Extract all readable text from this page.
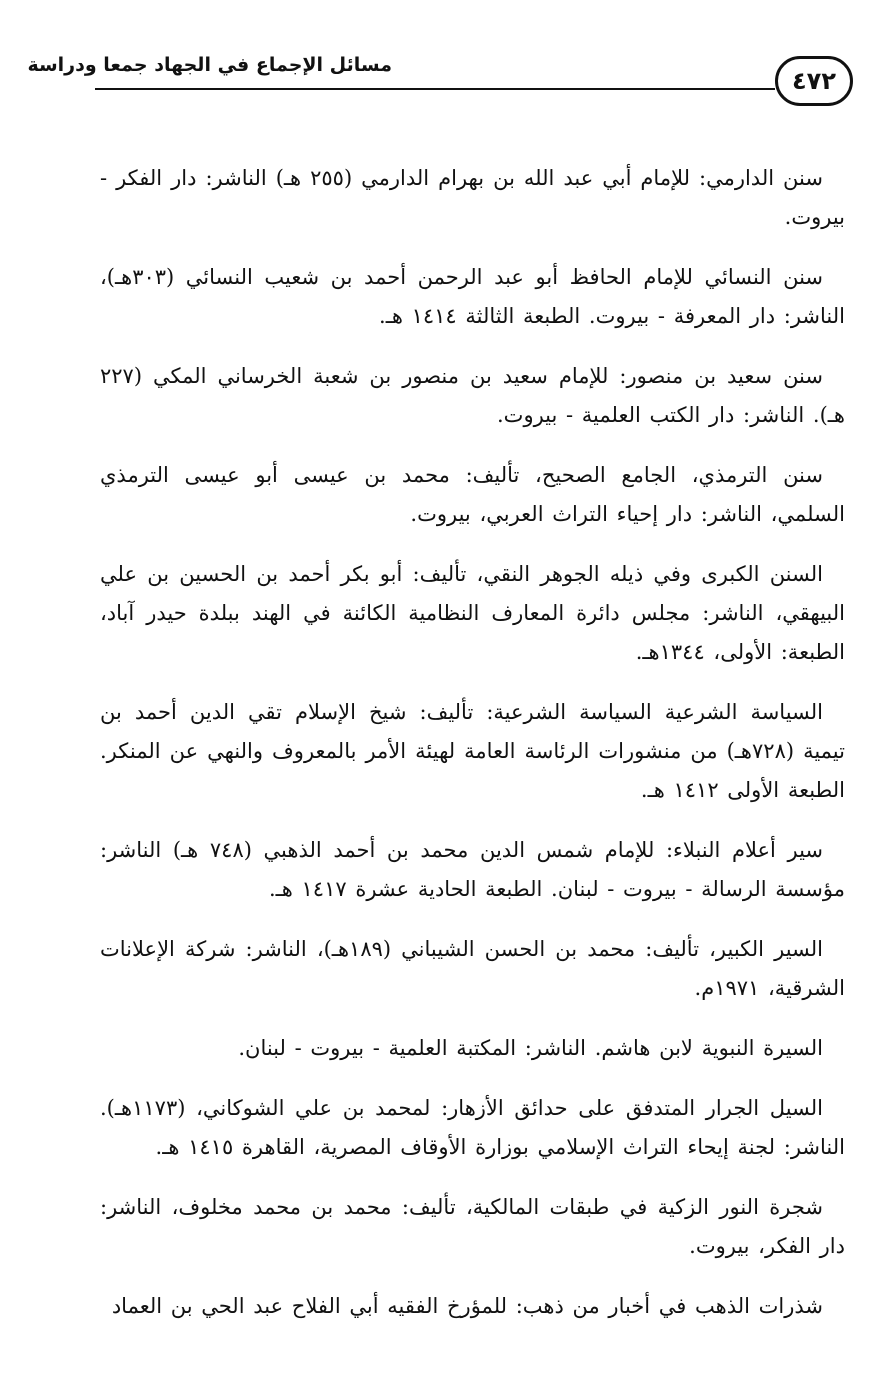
مسائل الإجماع في الجهاد جمعا ودراسة
٤٧٢

سنن الدارمي: للإمام أبي عبد الله بن بهرام الدارمي (٢٥٥ هـ) الناشر: دار الفكر - بيروت.

سنن النسائي للإمام الحافظ أبو عبد الرحمن أحمد بن شعيب النسائي (٣٠٣هـ)، الناشر: دار المعرفة - بيروت. الطبعة الثالثة ١٤١٤ هـ.

سنن سعيد بن منصور: للإمام سعيد بن منصور بن شعبة الخرساني المكي (٢٢٧ هـ). الناشر: دار الكتب العلمية - بيروت.

سنن الترمذي، الجامع الصحيح، تأليف: محمد بن عيسى أبو عيسى الترمذي السلمي، الناشر: دار إحياء التراث العربي، بيروت.

السنن الكبرى وفي ذيله الجوهر النقي، تأليف: أبو بكر أحمد بن الحسين بن علي البيهقي، الناشر: مجلس دائرة المعارف النظامية الكائنة في الهند ببلدة حيدر آباد، الطبعة: الأولى، ١٣٤٤هـ.

السياسة الشرعية السياسة الشرعية: تأليف: شيخ الإسلام تقي الدين أحمد بن تيمية (٧٢٨هـ) من منشورات الرئاسة العامة لهيئة الأمر بالمعروف والنهي عن المنكر. الطبعة الأولى ١٤١٢ هـ.

سير أعلام النبلاء: للإمام شمس الدين محمد بن أحمد الذهبي (٧٤٨ هـ) الناشر: مؤسسة الرسالة - بيروت - لبنان. الطبعة الحادية عشرة ١٤١٧ هـ.

السير الكبير، تأليف: محمد بن الحسن الشيباني (١٨٩هـ)، الناشر: شركة الإعلانات الشرقية، ١٩٧١م.

السيرة النبوية لابن هاشم. الناشر: المكتبة العلمية - بيروت - لبنان.

السيل الجرار المتدفق على حدائق الأزهار: لمحمد بن علي الشوكاني، (١١٧٣هـ). الناشر: لجنة إيحاء التراث الإسلامي بوزارة الأوقاف المصرية، القاهرة ١٤١٥ هـ.

شجرة النور الزكية في طبقات المالكية، تأليف: محمد بن محمد مخلوف، الناشر: دار الفكر، بيروت.

شذرات الذهب في أخبار من ذهب: للمؤرخ الفقيه أبي الفلاح عبد الحي بن العماد
